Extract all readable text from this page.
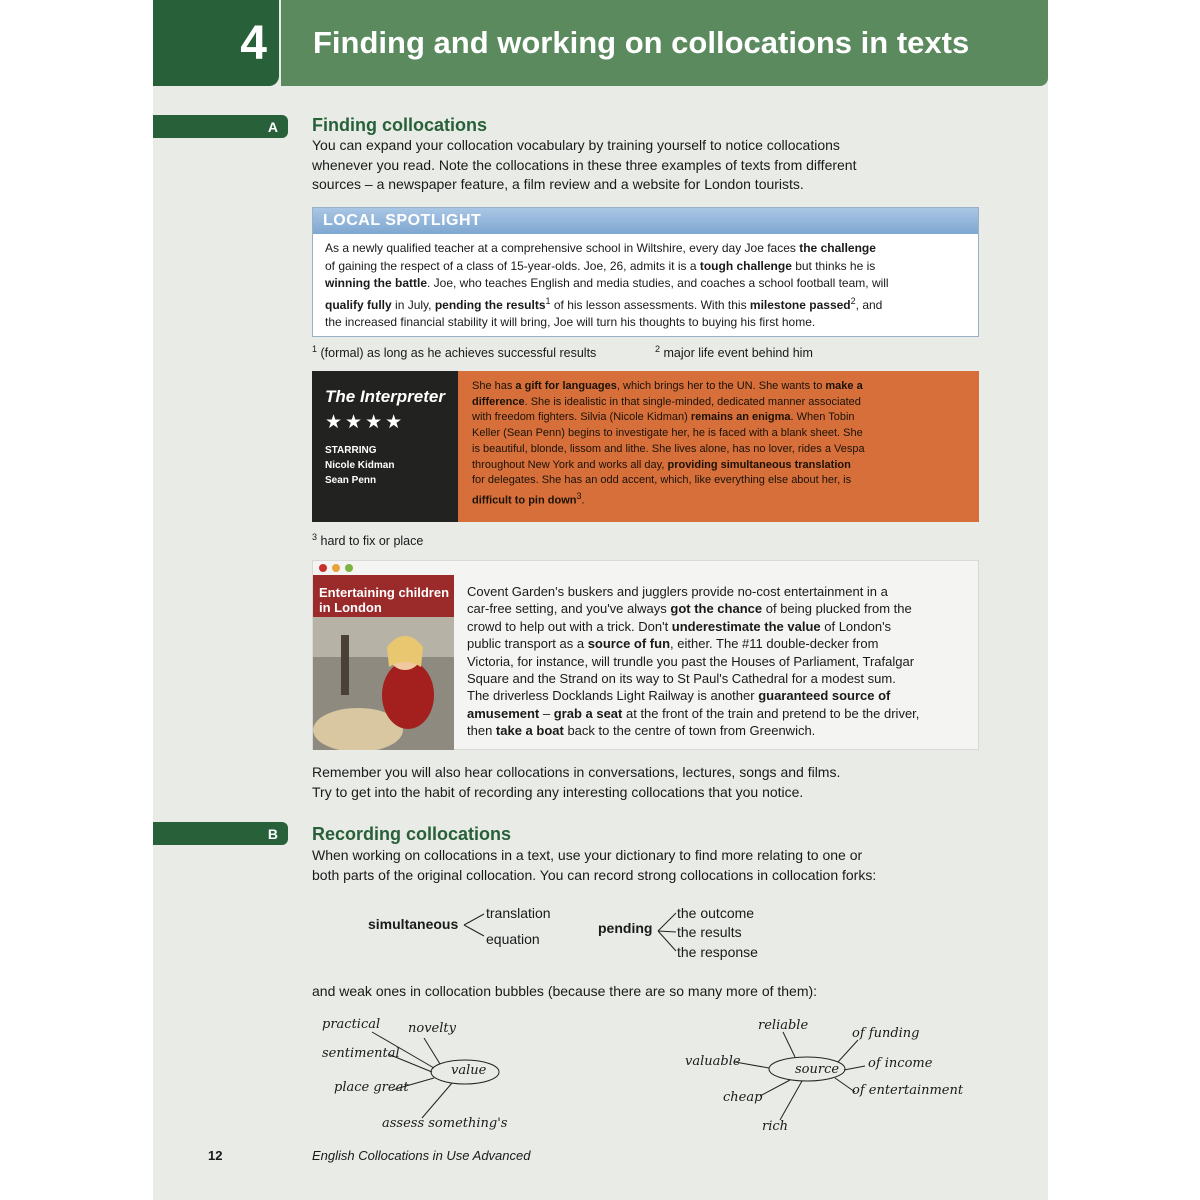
4	Finding and working on collocations in texts
A	Finding collocations
You can expand your collocation vocabulary by training yourself to notice collocations
whenever you read. Note the collocations in these three examples of texts from different
sources – a newspaper feature, a film review and a website for London tourists.
LOCAL SPOTLIGHT
As a newly qualified teacher at a comprehensive school in Wiltshire, every day Joe faces the challenge
of gaining the respect of a class of 15-year-olds. Joe, 26, admits it is a tough challenge but thinks he is
winning the battle. Joe, who teaches English and media studies, and coaches a school football team, will
qualify fully in July, pending the results$^1$ of his lesson assessments. With this milestone passed$^2$, and
the increased financial stability it will bring, Joe will turn his thoughts to buying his first home.
$^1$ (formal) as long as he achieves successful results	$^2$ major life event behind him
The Interpreter
★★★★
STARRING
Nicole Kidman
Sean Penn
She has a gift for languages, which brings her to the UN. She wants to make a
difference. She is idealistic in that single-minded, dedicated manner associated
with freedom fighters. Silvia (Nicole Kidman) remains an enigma. When Tobin
Keller (Sean Penn) begins to investigate her, he is faced with a blank sheet. She
is beautiful, blonde, lissom and lithe. She lives alone, has no lover, rides a Vespa
throughout New York and works all day, providing simultaneous translation
for delegates. She has an odd accent, which, like everything else about her, is
difficult to pin down$^3$.
$^3$ hard to fix or place
Entertaining children in London
Covent Garden's buskers and jugglers provide no-cost entertainment in a
car-free setting, and you've always got the chance of being plucked from the
crowd to help out with a trick. Don't underestimate the value of London's
public transport as a source of fun, either. The #11 double-decker from
Victoria, for instance, will trundle you past the Houses of Parliament, Trafalgar
Square and the Strand on its way to St Paul's Cathedral for a modest sum.
The driverless Docklands Light Railway is another guaranteed source of
amusement – grab a seat at the front of the train and pretend to be the driver,
then take a boat back to the centre of town from Greenwich.
Remember you will also hear collocations in conversations, lectures, songs and films.
Try to get into the habit of recording any interesting collocations that you notice.
B	Recording collocations
When working on collocations in a text, use your dictionary to find more relating to one or
both parts of the original collocation. You can record strong collocations in collocation forks:
simultaneous
translation
equation
pending
the outcome
the results
the response
and weak ones in collocation bubbles (because there are so many more of them):
value
practical novelty
sentimental
place great
assess something's
source
reliable
of funding
valuable	of income
cheap	of entertainment
rich
12	English Collocations in Use Advanced
